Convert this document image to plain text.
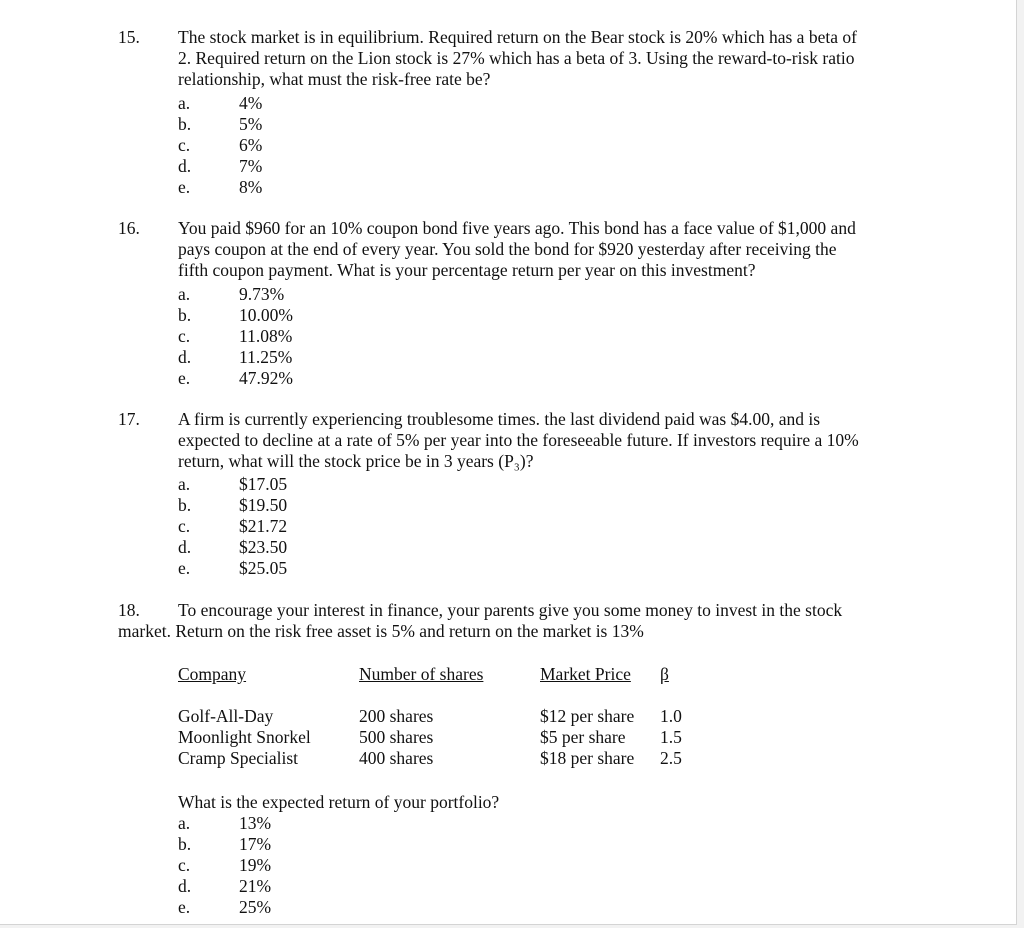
15. The stock market is in equilibrium. Required return on the Bear stock is 20% which has a beta of
2. Required return on the Lion stock is 27% which has a beta of 3. Using the reward-to-risk ratio
relationship, what must the risk-free rate be?
a.	4%
b.	5%
c.	6%
d.	7%
e.	8%
16. You paid $960 for an 10% coupon bond five years ago. This bond has a face value of $1,000 and
pays coupon at the end of every year. You sold the bond for $920 yesterday after receiving the
fifth coupon payment. What is your percentage return per year on this investment?
a.	9.73%
b.	10.00%
c.	11.08%
d.	11.25%
e.	47.92%
17. A firm is currently experiencing troublesome times. the last dividend paid was $4.00, and is
expected to decline at a rate of 5% per year into the foreseeable future. If investors require a 10%
return, what will the stock price be in 3 years (P₃)?
a.	$17.05
b.	$19.50
c.	$21.72
d.	$23.50
e.	$25.05
18. To encourage your interest in finance, your parents give you some money to invest in the stock
market. Return on the risk free asset is 5% and return on the market is 13%
Company	Number of shares	Market Price β
Golf-All-Day	200 shares	$12 per share 1.0
Moonlight Snorkel	500 shares	$5 per share 1.5
Cramp Specialist	400 shares	$18 per share 2.5
What is the expected return of your portfolio?
a.	13%
b.	17%
c.	19%
d.	21%
e.	25%
